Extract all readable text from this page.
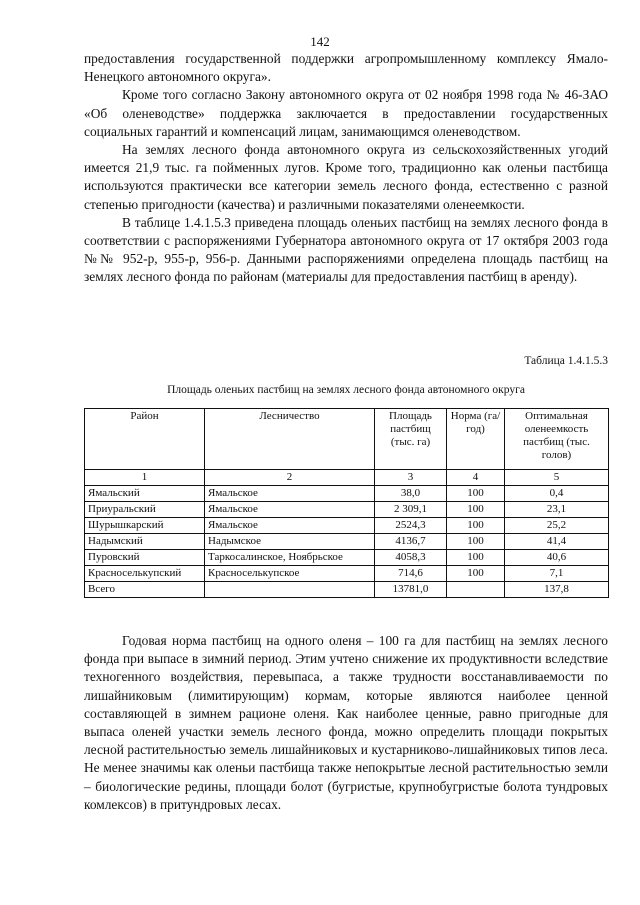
142

предоставления государственной поддержки агропромышленному комплексу Ямало-Ненецкого автономного округа».

Кроме того согласно Закону автономного округа от 02 ноября 1998 года № 46-ЗАО «Об оленеводстве» поддержка заключается в предоставлении государственных социальных гарантий и компенсаций лицам, занимающимся оленеводством.

На землях лесного фонда автономного округа из сельскохозяйственных угодий имеется 21,9 тыс. га пойменных лугов. Кроме того, традиционно как оленьи пастбища используются практически все категории земель лесного фонда, естественно с разной степенью пригодности (качества) и различными показателями оленеемкости.

В таблице 1.4.1.5.3 приведена площадь оленьих пастбищ на землях лесного фонда в соответствии с распоряжениями Губернатора автономного округа от 17 октября 2003 года №№ 952-р, 955-р, 956-р. Данными распоряжениями определена площадь пастбищ на землях лесного фонда по районам (материалы для предоставления пастбищ в аренду).

Таблица 1.4.1.5.3
Площадь оленьих пастбищ на землях лесного фонда автономного округа
Район	Лесничество	Площадь пастбищ (тыс. га)	Норма (га/год)	Оптимальная оленеемкость пастбищ (тыс. голов)
1	2	3	4	5
Ямальский	Ямальское	38,0	100	0,4
Приуральский	Ямальское	2 309,1	100	23,1
Шурышкарский	Ямальское	2524,3	100	25,2
Надымский	Надымское	4136,7	100	41,4
Пуровский	Таркосалинское, Ноябрьское	4058,3	100	40,6
Красноселькупский	Красноселькупское	714,6	100	7,1
Всего		13781,0		137,8

Годовая норма пастбищ на одного оленя – 100 га для пастбищ на землях лесного фонда при выпасе в зимний период. Этим учтено снижение их продуктивности вследствие техногенного воздействия, перевыпаса, а также трудности восстанавливаемости по лишайниковым (лимитирующим) кормам, которые являются наиболее ценной составляющей в зимнем рационе оленя. Как наиболее ценные, равно пригодные для выпаса оленей участки земель лесного фонда, можно определить площади покрытых лесной растительностью земель лишайниковых и кустарниково-лишайниковых типов леса. Не менее значимы как оленьи пастбища также непокрытые лесной растительностью земли – биологические редины, площади болот (бугристые, крупнобугристые болота тундровых комлексов) в притундровых лесах.
